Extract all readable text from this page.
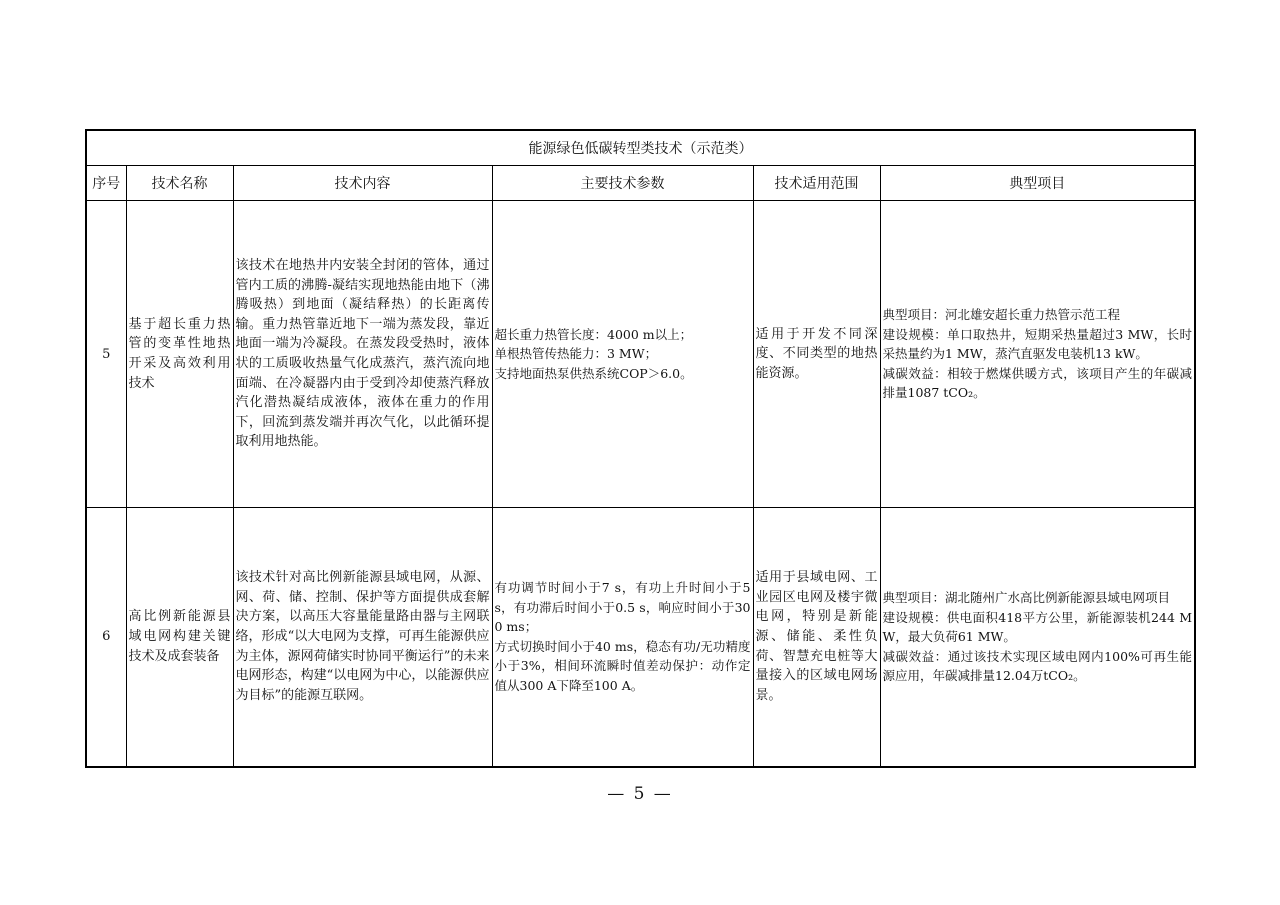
能源绿色低碳转型类技术（示范类）					
序号	技术名称	技术内容	主要技术参数	技术适用范围	典型项目
5	基于超长重力热管的变革性地热开采及高效利用技术	该技术在地热井内安装全封闭的管体，通过管内工质的沸腾-凝结实现地热能由地下（沸腾吸热）到地面（凝结释热）的长距离传输。重力热管靠近地下一端为蒸发段，靠近地面一端为冷凝段。在蒸发段受热时，液体状的工质吸收热量气化成蒸汽，蒸汽流向地面端、在冷凝器内由于受到冷却使蒸汽释放汽化潜热凝结成液体，液体在重力的作用下，回流到蒸发端并再次气化，以此循环提取利用地热能。	超长重力热管长度：4000 m以上；
单根热管传热能力：3 MW；
支持地面热泵供热系统COP＞6.0。	适用于开发不同深度、不同类型的地热能资源。	典型项目：河北雄安超长重力热管示范工程
建设规模：单口取热井，短期采热量超过3 MW，长时采热量约为1 MW，蒸汽直驱发电装机13 kW。
减碳效益：相较于燃煤供暖方式，该项目产生的年碳减排量1087 tCO₂。

6	高比例新能源县域电网构建关键技术及成套装备	该技术针对高比例新能源县域电网，从源、网、荷、储、控制、保护等方面提供成套解决方案，以高压大容量能量路由器与主网联络，形成“以大电网为支撑，可再生能源供应为主体，源网荷储实时协同平衡运行”的未来电网形态，构建“以电网为中心，以能源供应为目标”的能源互联网。	有功调节时间小于7 s，有功上升时间小于5 s，有功滞后时间小于0.5 s，响应时间小于300 ms；
方式切换时间小于40 ms，稳态有功/无功精度小于3%，相间环流瞬时值差动保护：动作定值从300 A下降至100 A。	适用于县域电网、工业园区电网及楼宇微电网，特别是新能源、储能、柔性负荷、智慧充电桩等大量接入的区域电网场景。	典型项目：湖北随州广水高比例新能源县域电网项目
建设规模：供电面积418平方公里，新能源装机244 MW，最大负荷61 MW。
减碳效益：通过该技术实现区域电网内100%可再生能源应用，年碳减排量12.04万tCO₂。
— 5 —
